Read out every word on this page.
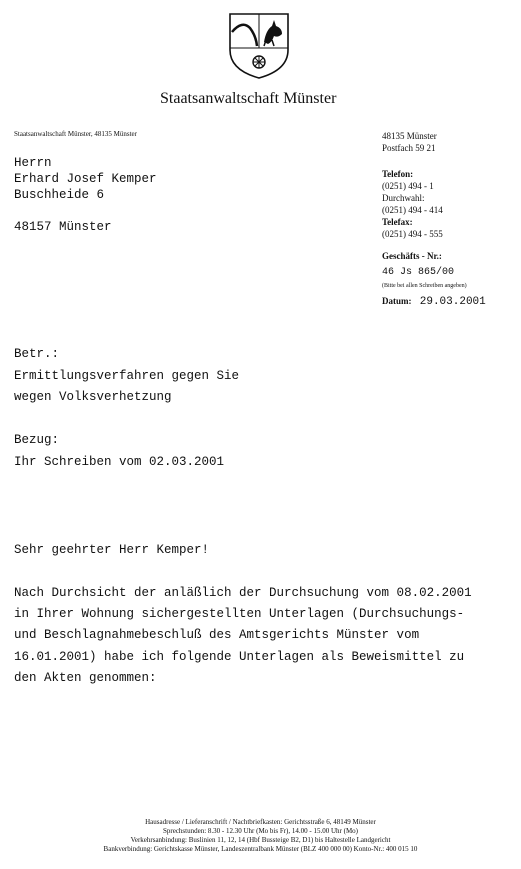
Staatsanwaltschaft Münster
Staatsanwaltschaft Münster, 48135 Münster
Herrn
Erhard Josef Kemper
Buschheide 6
48157 Münster
48135 Münster
Postfach 59 21
Telefon:
(0251) 494 - 1
Durchwahl:
(0251) 494 - 414
Telefax:
(0251) 494 - 555
Geschäfts - Nr.:
46 Js 865/00
(Bitte bei allen Schreiben angeben)
Datum: 29.03.2001
Betr.:
Ermittlungsverfahren gegen Sie
wegen Volksverhetzung
Bezug:
Ihr Schreiben vom 02.03.2001
Sehr geehrter Herr Kemper!
Nach Durchsicht der anläßlich der Durchsuchung vom 08.02.2001
in Ihrer Wohnung sichergestellten Unterlagen (Durchsuchungs-
und Beschlagnahmebeschluß des Amtsgerichts Münster vom
16.01.2001) habe ich folgende Unterlagen als Beweismittel zu
den Akten genommen:
Hausadresse / Lieferanschrift / Nachtbriefkasten: Gerichtsstraße 6, 48149 Münster
Sprechstunden: 8.30 - 12.30 Uhr (Mo bis Fr), 14.00 - 15.00 Uhr (Mo)
Verkehrsanbindung: Buslinien 11, 12, 14 (Hbf Bussteige B2, D1) bis Haltestelle Landgericht
Bankverbindung: Gerichtskasse Münster, Landeszentralbank Münster (BLZ 400 000 00) Konto-Nr.: 400 015 10
